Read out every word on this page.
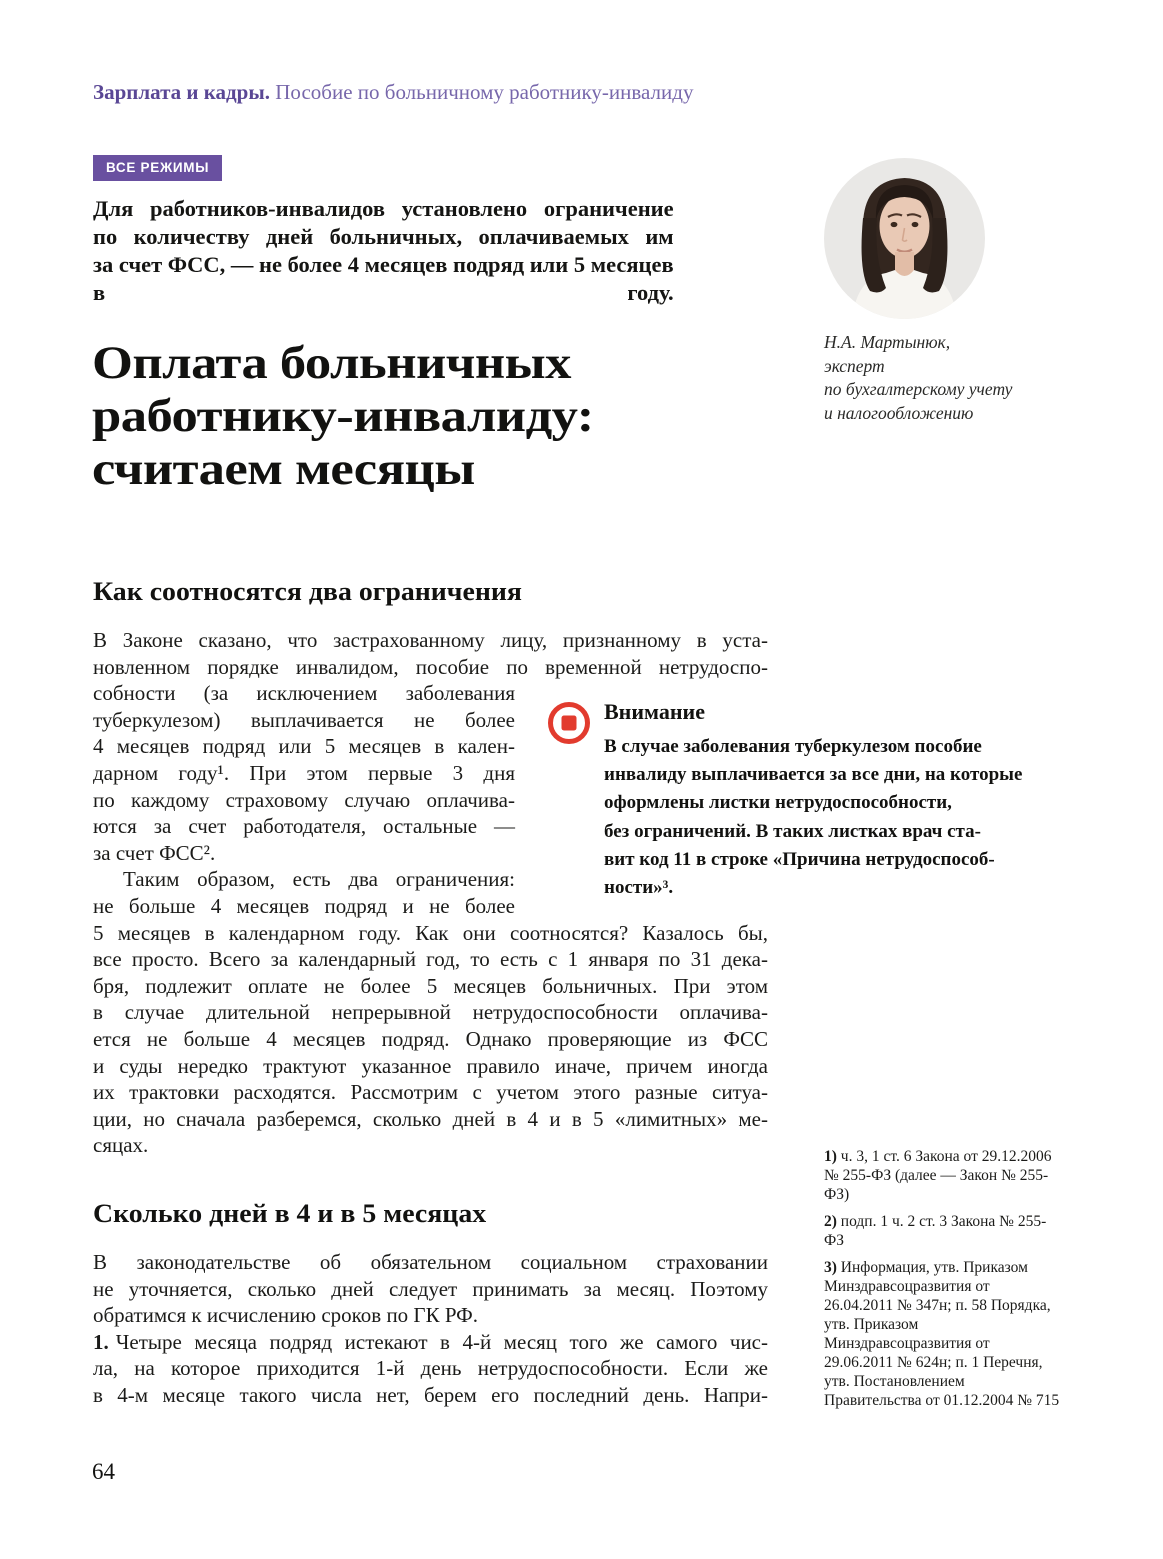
Зарплата и кадры. Пособие по больничному работнику-инвалиду
ВСЕ РЕЖИМЫ
Для работников-инвалидов установлено ограничение
по количеству дней больничных, оплачиваемых им
за счет ФСС, — не более 4 месяцев подряд или 5 месяцев
в году.
Оплата больничных
работнику-инвалиду:
считаем месяцы
Н.А. Мартынюк,
эксперт
по бухгалтерскому учету
и налогообложению
Как соотносятся два ограничения
В Законе сказано, что застрахованному лицу, признанному в уста-
новленном порядке инвалидом, пособие по временной нетрудоспо-
собности (за исключением заболевания
туберкулезом) выплачивается не более
4 месяцев подряд или 5 месяцев в кален-
дарном году¹. При этом первые 3 дня
по каждому страховому случаю оплачива-
ются за счет работодателя, остальные —
за счет ФСС².
Таким образом, есть два ограничения:
не больше 4 месяцев подряд и не более
5 месяцев в календарном году. Как они соотносятся? Казалось бы,
все просто. Всего за календарный год, то есть с 1 января по 31 дека-
бря, подлежит оплате не более 5 месяцев больничных. При этом
в случае длительной непрерывной нетрудоспособности оплачива-
ется не больше 4 месяцев подряд. Однако проверяющие из ФСС
и суды нередко трактуют указанное правило иначе, причем иногда
их трактовки расходятся. Рассмотрим с учетом этого разные ситуа-
ции, но сначала разберемся, сколько дней в 4 и в 5 «лимитных» ме-
сяцах.
Внимание
В случае заболевания туберкулезом пособие
инвалиду выплачивается за все дни, на которые
оформлены листки нетрудоспособности,
без ограничений. В таких листках врач ста-
вит код 11 в строке «Причина нетрудоспособ-
ности»³.
Сколько дней в 4 и в 5 месяцах
В законодательстве об обязательном социальном страховании
не уточняется, сколько дней следует принимать за месяц. Поэтому
обратимся к исчислению сроков по ГК РФ.
1. Четыре месяца подряд истекают в 4-й месяц того же самого чис-
ла, на которое приходится 1-й день нетрудоспособности. Если же
в 4-м месяце такого числа нет, берем его последний день. Напри-
1) ч. 3, 1 ст. 6 Закона от 29.12.2006 № 255-ФЗ (далее — Закон № 255-ФЗ)
2) подп. 1 ч. 2 ст. 3 Закона № 255-ФЗ
3) Информация, утв. Приказом Минздравсоцразвития от 26.04.2011 № 347н; п. 58 Порядка, утв. Приказом Минздравсоцразвития от 29.06.2011 № 624н; п. 1 Перечня, утв. Постановлением Правительства от 01.12.2004 № 715
64
